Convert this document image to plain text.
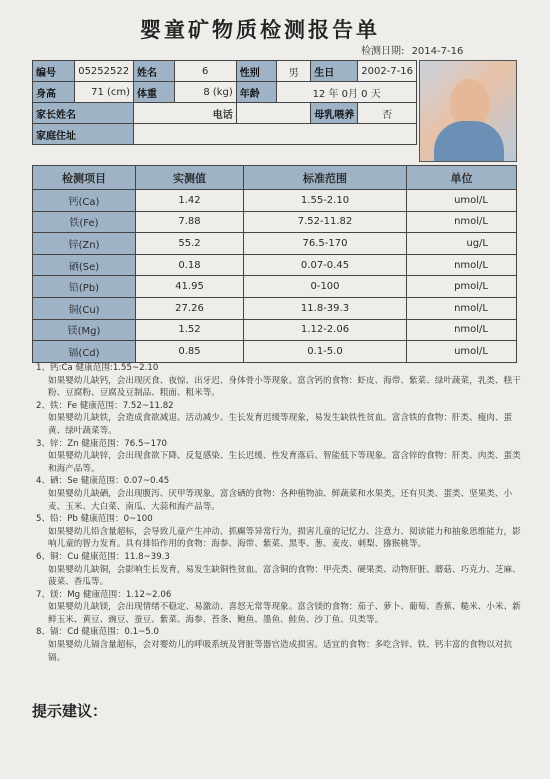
婴童矿物质检测报告单
检测日期: 2014-7-16
编号	05252522	姓名	6	性别	男	生日	2002-7-16
身高	71 (cm)	体重	8 (kg)	年龄	12 年 0月 0 天		
家长姓名		电话				母乳喂养	否
家庭住址							
检测项目	实测值	标准范围	单位
钙(Ca)	1.42	1.55-2.10	umol/L
铁(Fe)	7.88	7.52-11.82	nmol/L
锌(Zn)	55.2	76.5-170	ug/L
硒(Se)	0.18	0.07-0.45	nmol/L
铅(Pb)	41.95	0-100	pmol/L
铜(Cu)	27.26	11.8-39.3	nmol/L
镁(Mg)	1.52	1.12-2.06	nmol/L
镉(Cd)	0.85	0.1-5.0	umol/L

1、钙:Ca 健康范围:1.55~2.10

如果婴幼儿缺钙，会出现厌食、夜惊、出牙迟、身体骨小等现象。富含钙的食物：虾皮、海带、紫菜、绿叶蔬菜，乳类、糕干粉、豆腐粉、豆腐及豆制品、粗面、粗米等。

2、铁：Fe 健康范围：7.52~11.82

如果婴幼儿缺铁，会造成食欲减退、活动减少、生长发育迟缓等现象，易发生缺铁性贫血。富含铁的食物：肝类、瘦肉、蛋黄、绿叶蔬菜等。

3、锌：Zn 健康范围：76.5~170

如果婴幼儿缺锌，会出现食欲下降、反复感染、生长迟缓、性发育落后、智能低下等现象。富含锌的食物：肝类、肉类、蛋类和海产品等。

4、硒：Se 健康范围：0.07~0.45

如果婴幼儿缺硒，会出现腹泻、厌甲等现象。富含硒的食物：各种植物油、鲜蔬菜和水果类，还有贝类、蛋类、坚果类、小麦、玉米、大白菜、南瓜、大蒜和海产品等。

5、铅：Pb 健康范围：0~100

如果婴幼儿铅含量超标，会导致儿童产生冲动、抓癫等异常行为，损害儿童的记忆力、注意力、阅读能力和抽象思维能力，影响儿童的智力发育。具有排铅作用的食物：海参、海带、紫菜、黑枣、葱、麦皮、刺梨、猕猴桃等。

6、铜：Cu 健康范围：11.8~39.3

如果婴幼儿缺铜，会影响生长发育，易发生缺铜性贫血。富含铜的食物：甲壳类、硬果类、动物肝脏、蘑菇、巧克力、芝麻、菠菜、香瓜等。

7、镁：Mg 健康范围：1.12~2.06

如果婴幼儿缺镁，会出现情绪不稳定、易激动、喜怒无常等现象。富含镁的食物：茄子、萝卜、葡萄、香蕉、糙米、小米、新鲜玉米、黄豆、豌豆、蚕豆、紫菜、海参、苔条、鲍鱼、墨鱼、鲑鱼、沙丁鱼、贝类等。

8、镉：Cd 健康范围：0.1~5.0

如果婴幼儿镉含量超标，会对婴幼儿的呼吸系统及肾脏等器官造成损害。适宜的食物：多吃含锌、铁、钙丰富的食物以对抗镉。

提示建议：
